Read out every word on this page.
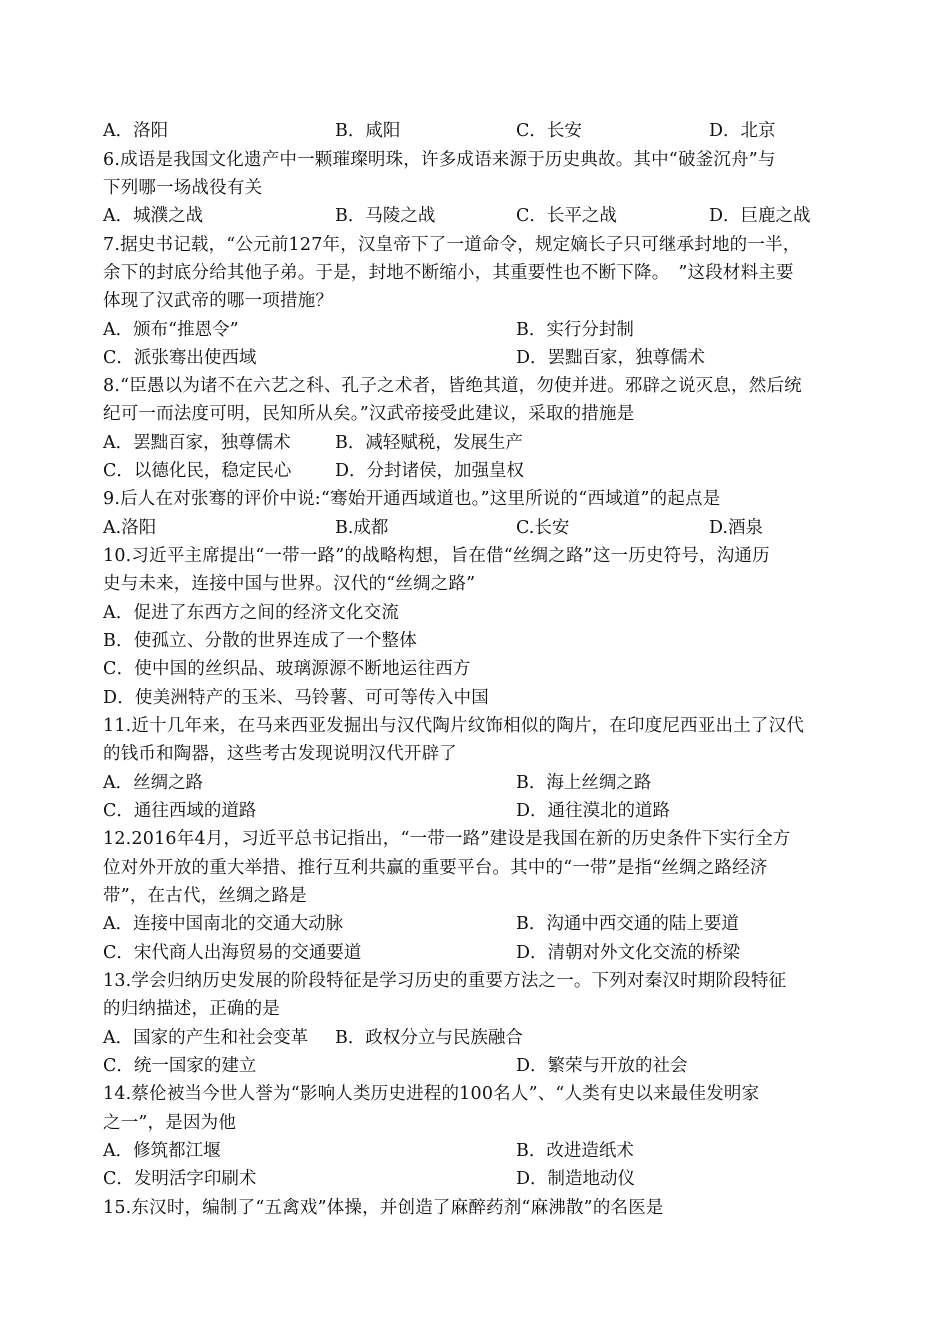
A．洛阳	B．咸阳	C．长安	D．北京
6.成语是我国文化遗产中一颗璀璨明珠，许多成语来源于历史典故。其中“破釜沉舟”与
下列哪一场战役有关
A．城濮之战	B．马陵之战	C．长平之战	D．巨鹿之战
7.据史书记载，“公元前127年，汉皇帝下了一道命令，规定嫡长子只可继承封地的一半，
余下的封底分给其他子弟。于是，封地不断缩小，其重要性也不断下降。　”这段材料主要
体现了汉武帝的哪一项措施？
A．颁布“推恩令”	B．实行分封制
C．派张骞出使西域	D．罢黜百家，独尊儒术
8.“臣愚以为诸不在六艺之科、孔子之术者，皆绝其道，勿使并进。邪辟之说灭息，然后统
纪可一而法度可明，民知所从矣。”汉武帝接受此建议，采取的措施是
A．罢黜百家，独尊儒术	B．减轻赋税，发展生产
C．以德化民，稳定民心 D．分封诸侯，加强皇权
9.后人在对张骞的评价中说:“骞始开通西域道也。”这里所说的“西域道”的起点是
A.洛阳	B.成都	C.长安	D.酒泉
10.习近平主席提出“一带一路”的战略构想，旨在借“丝绸之路”这一历史符号，沟通历
史与未来，连接中国与世界。汉代的“丝绸之路”
A．促进了东西方之间的经济文化交流
B．使孤立、分散的世界连成了一个整体
C．使中国的丝织品、玻璃源源不断地运往西方
D．使美洲特产的玉米、马铃薯、可可等传入中国
11.近十几年来，在马来西亚发掘出与汉代陶片纹饰相似的陶片，在印度尼西亚出土了汉代
的钱币和陶器，这些考古发现说明汉代开辟了
A．丝绸之路	B．海上丝绸之路
C．通往西域的道路	D．通往漠北的道路
12.2016年4月，习近平总书记指出，“一带一路”建设是我国在新的历史条件下实行全方
位对外开放的重大举措、推行互利共赢的重要平台。其中的“一带”是指“丝绸之路经济
带”，在古代，丝绸之路是
A．连接中国南北的交通大动脉	B．沟通中西交通的陆上要道
C．宋代商人出海贸易的交通要道	D．清朝对外文化交流的桥梁
13.学会归纳历史发展的阶段特征是学习历史的重要方法之一。下列对秦汉时期阶段特征
的归纳描述，正确的是
A．国家的产生和社会变革 B．政权分立与民族融合
C．统一国家的建立	D．繁荣与开放的社会
14.蔡伦被当今世人誉为“影响人类历史进程的100名人”、“人类有史以来最佳发明家
之一”，是因为他
A．修筑都江堰	B．改进造纸术
C．发明活字印刷术	D．制造地动仪
15.东汉时，编制了“五禽戏”体操，并创造了麻醉药剂“麻沸散”的名医是
